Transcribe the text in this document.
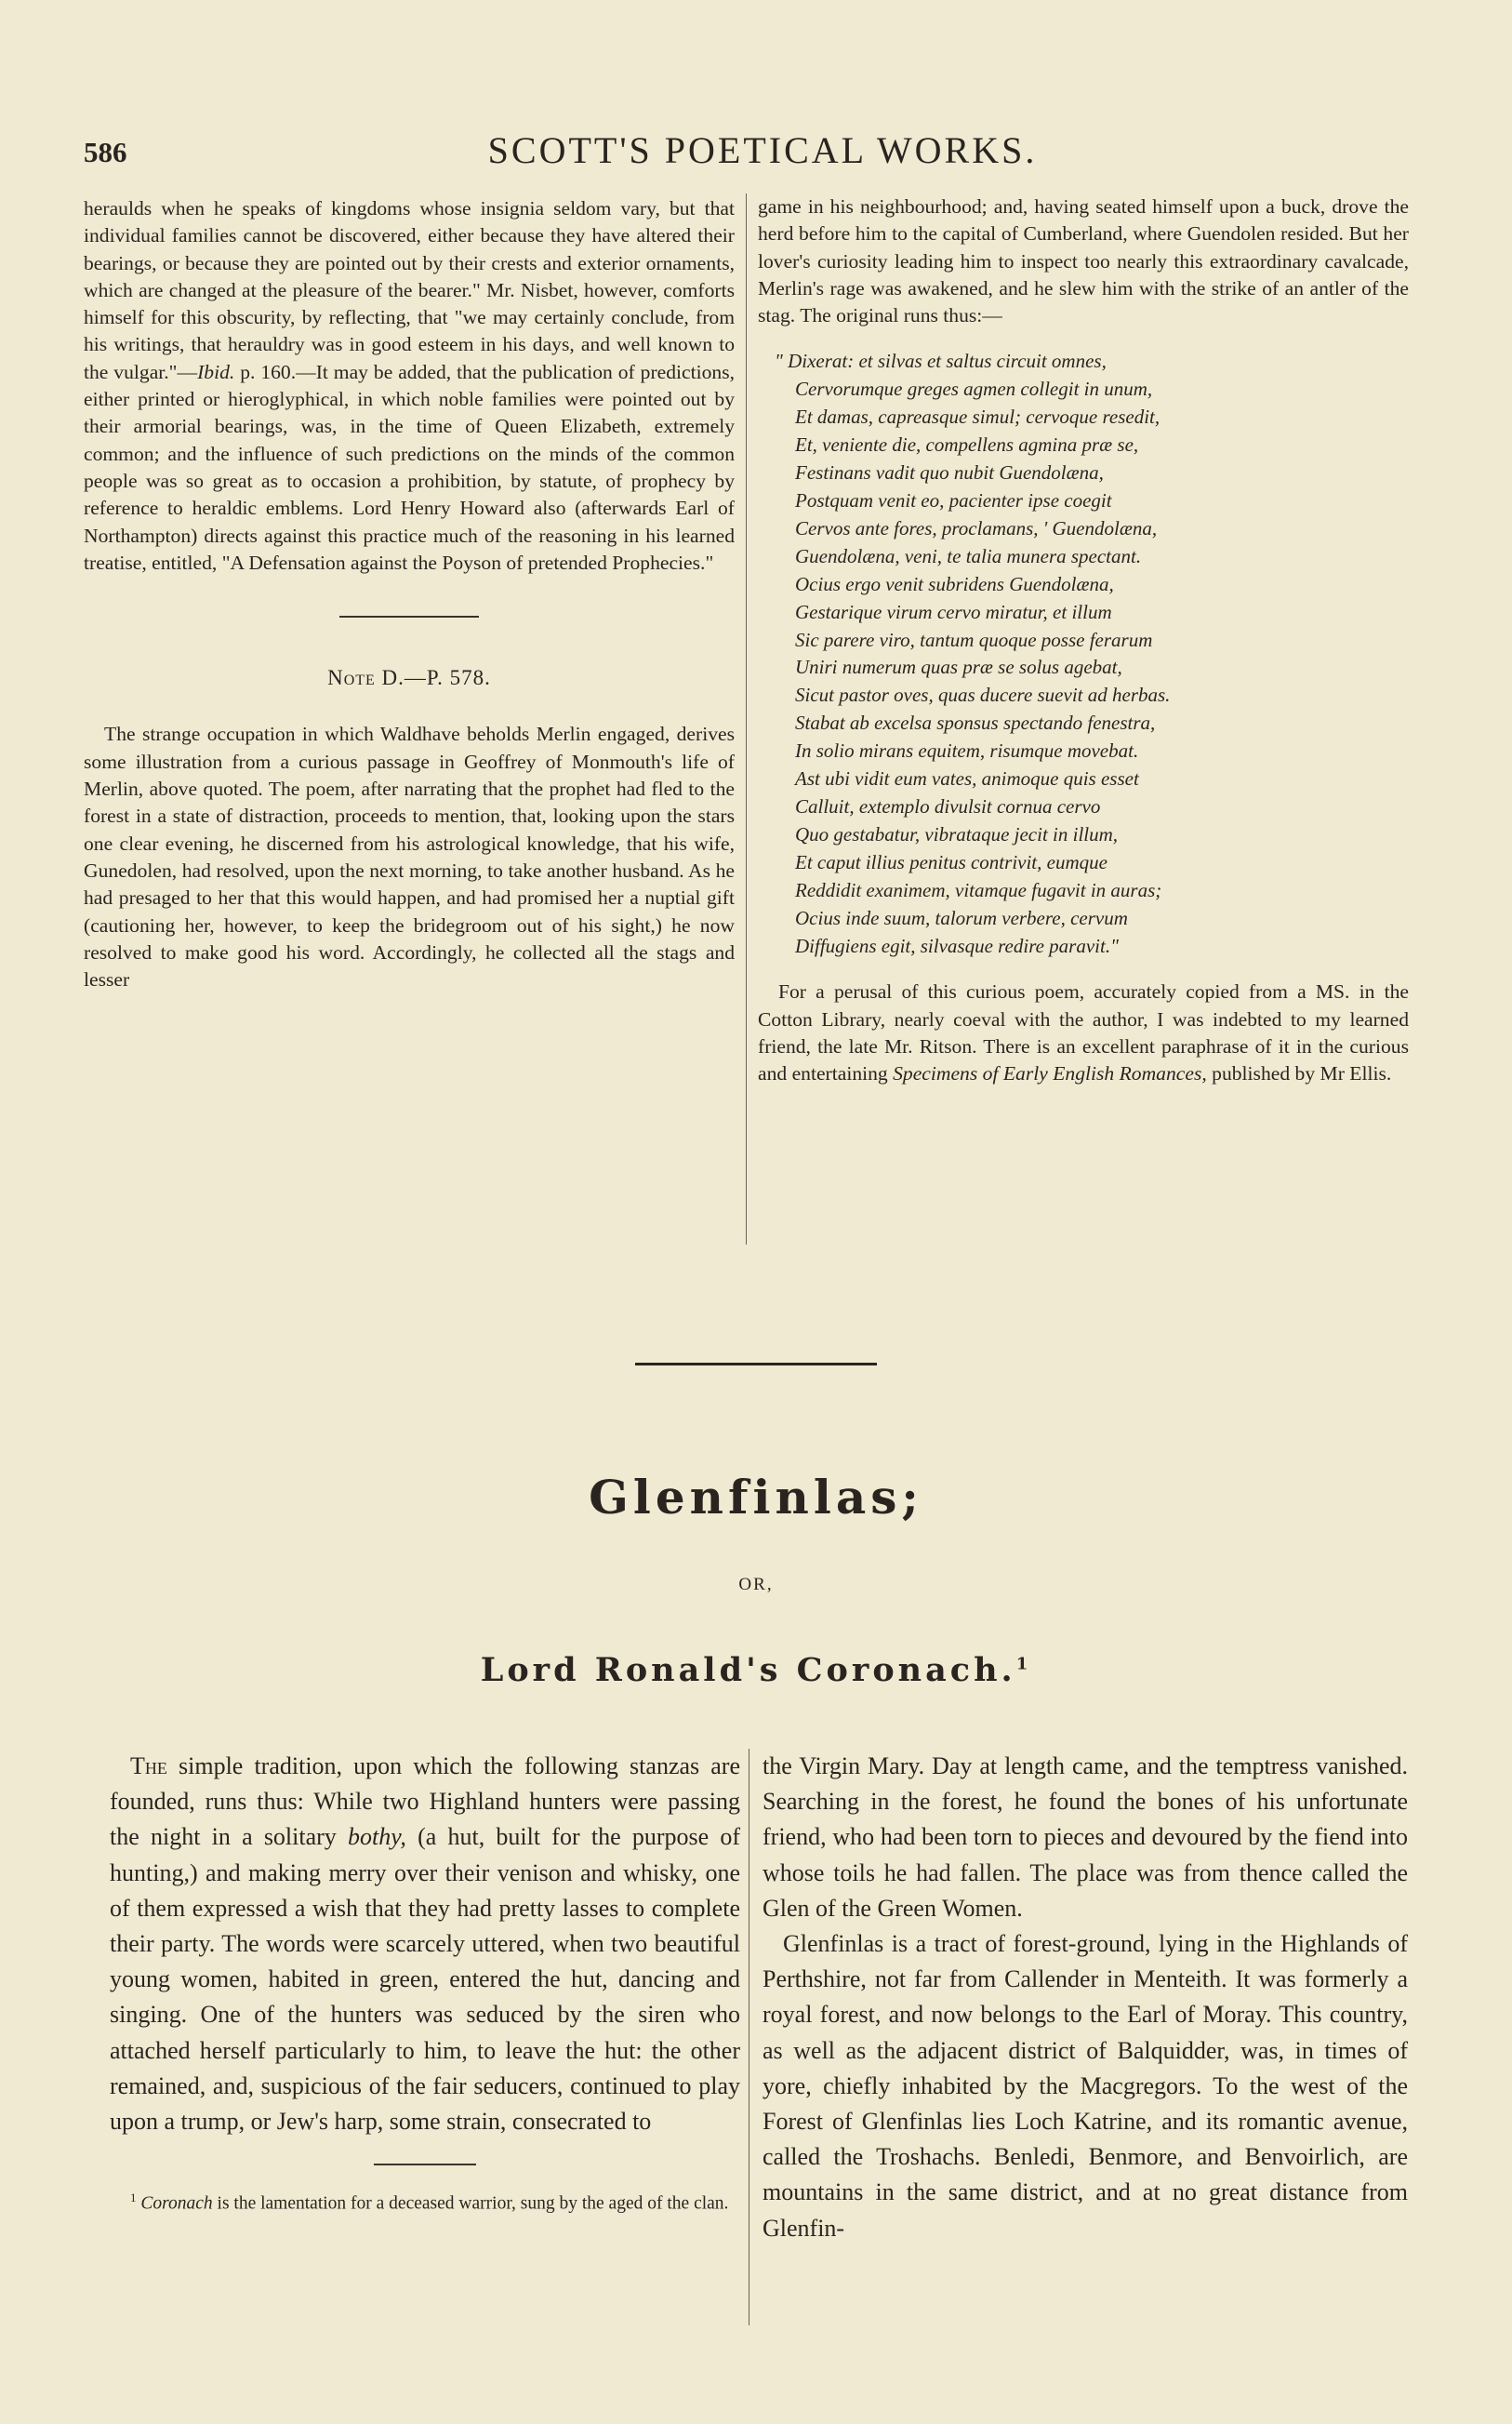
586	SCOTT'S POETICAL WORKS.

heraulds when he speaks of kingdoms whose insignia seldom vary, but that individual families cannot be discovered, either because they have altered their bearings, or because they are pointed out by their crests and exterior ornaments, which are changed at the pleasure of the bearer." Mr. Nisbet, however, comforts himself for this obscurity, by reflecting, that "we may certainly conclude, from his writings, that herauldry was in good esteem in his days, and well known to the vulgar."—Ibid. p. 160.—It may be added, that the publication of predictions, either printed or hieroglyphical, in which noble families were pointed out by their armorial bearings, was, in the time of Queen Elizabeth, extremely common; and the influence of such predictions on the minds of the common people was so great as to occasion a prohibition, by statute, of prophecy by reference to heraldic emblems. Lord Henry Howard also (afterwards Earl of Northampton) directs against this practice much of the reasoning in his learned treatise, entitled, "A Defensation against the Poyson of pretended Prophecies."

Note D.—P. 578.

The strange occupation in which Waldhave beholds Merlin engaged, derives some illustration from a curious passage in Geoffrey of Monmouth's life of Merlin, above quoted. The poem, after narrating that the prophet had fled to the forest in a state of distraction, proceeds to mention, that, looking upon the stars one clear evening, he discerned from his astrological knowledge, that his wife, Gunedolen, had resolved, upon the next morning, to take another husband. As he had presaged to her that this would happen, and had promised her a nuptial gift (cautioning her, however, to keep the bridegroom out of his sight,) he now resolved to make good his word. Accordingly, he collected all the stags and lesser

game in his neighbourhood; and, having seated himself upon a buck, drove the herd before him to the capital of Cumberland, where Guendolen resided. But her lover's curiosity leading him to inspect too nearly this extraordinary cavalcade, Merlin's rage was awakened, and he slew him with the strike of an antler of the stag. The original runs thus:—

" Dixerat: et silvas et saltus circuit omnes,
Cervorumque greges agmen collegit in unum,
Et damas, capreasque simul; cervoque resedit,
Et, veniente die, compellens agmina præ se,
Festinans vadit quo nubit Guendolæna,
Postquam venit eo, pacienter ipse coegit
Cervos ante fores, proclamans, ' Guendolæna,
Guendolæna, veni, te talia munera spectant.
Ocius ergo venit subridens Guendolæna,
Gestarique virum cervo miratur, et illum
Sic parere viro, tantum quoque posse ferarum
Uniri numerum quas præ se solus agebat,
Sicut pastor oves, quas ducere suevit ad herbas.
Stabat ab excelsa sponsus spectando fenestra,
In solio mirans equitem, risumque movebat.
Ast ubi vidit eum vates, animoque quis esset
Calluit, extemplo divulsit cornua cervo
Quo gestabatur, vibrataque jecit in illum,
Et caput illius penitus contrivit, eumque
Reddidit exanimem, vitamque fugavit in auras;
Ocius inde suum, talorum verbere, cervum
Diffugiens egit, silvasque redire paravit."

For a perusal of this curious poem, accurately copied from a MS. in the Cotton Library, nearly coeval with the author, I was indebted to my learned friend, the late Mr. Ritson. There is an excellent paraphrase of it in the curious and entertaining Specimens of Early English Romances, published by Mr Ellis.

Glenfinlas;
OR,
Lord Ronald's Coronach.$^1$

The simple tradition, upon which the following stanzas are founded, runs thus: While two Highland hunters were passing the night in a solitary bothy, (a hut, built for the purpose of hunting,) and making merry over their venison and whisky, one of them expressed a wish that they had pretty lasses to complete their party. The words were scarcely uttered, when two beautiful young women, habited in green, entered the hut, dancing and singing. One of the hunters was seduced by the siren who attached herself particularly to him, to leave the hut: the other remained, and, suspicious of the fair seducers, continued to play upon a trump, or Jew's harp, some strain, consecrated to

$^1$ Coronach is the lamentation for a deceased warrior, sung by the aged of the clan.

the Virgin Mary. Day at length came, and the temptress vanished. Searching in the forest, he found the bones of his unfortunate friend, who had been torn to pieces and devoured by the fiend into whose toils he had fallen. The place was from thence called the Glen of the Green Women.

Glenfinlas is a tract of forest-ground, lying in the Highlands of Perthshire, not far from Callender in Menteith. It was formerly a royal forest, and now belongs to the Earl of Moray. This country, as well as the adjacent district of Balquidder, was, in times of yore, chiefly inhabited by the Macgregors. To the west of the Forest of Glenfinlas lies Loch Katrine, and its romantic avenue, called the Troshachs. Benledi, Benmore, and Benvoirlich, are mountains in the same district, and at no great distance from Glenfin-
